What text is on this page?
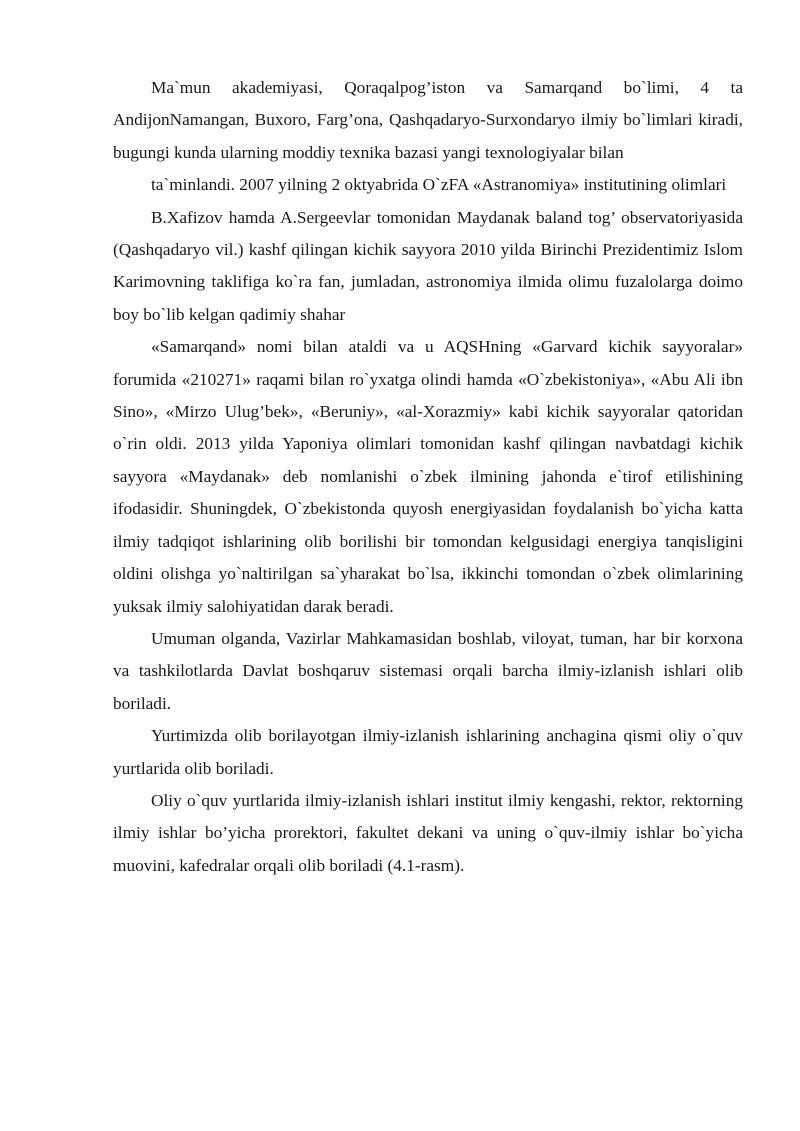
Ma`mun akademiyasi, Qoraqalpog’iston va Samarqand bo`limi, 4 ta AndijonNamangan, Buxoro, Farg’ona, Qashqadaryo-Surxondaryo ilmiy bo`limlari kiradi, bugungi kunda ularning moddiy texnika bazasi yangi texnologiyalar bilan

ta`minlandi. 2007 yilning 2 oktyabrida O`zFA «Astranomiya» institutining olimlari

B.Xafizov hamda A.Sergeevlar tomonidan Maydanak baland tog’ observatoriyasida (Qashqadaryo vil.) kashf qilingan kichik sayyora 2010 yilda Birinchi Prezidentimiz Islom Karimovning taklifiga ko`ra fan, jumladan, astronomiya ilmida olimu fuzalolarga doimo boy bo`lib kelgan qadimiy shahar

«Samarqand» nomi bilan ataldi va u AQSHning «Garvard kichik sayyoralar» forumida «210271» raqami bilan ro`yxatga olindi hamda «O`zbekistoniya», «Abu Ali ibn Sino», «Mirzo Ulug’bek», «Beruniy», «al-Xorazmiy» kabi kichik sayyoralar qatoridan o`rin oldi. 2013 yilda Yaponiya olimlari tomonidan kashf qilingan navbatdagi kichik sayyora «Maydanak» deb nomlanishi o`zbek ilmining jahonda e`tirof etilishining ifodasidir. Shuningdek, O`zbekistonda quyosh energiyasidan foydalanish bo`yicha katta ilmiy tadqiqot ishlarining olib borilishi bir tomondan kelgusidagi energiya tanqisligini oldini olishga yo`naltirilgan sa`yharakat bo`lsa, ikkinchi tomondan o`zbek olimlarining yuksak ilmiy salohiyatidan darak beradi.

Umuman olganda, Vazirlar Mahkamasidan boshlab, viloyat, tuman, har bir korxona va tashkilotlarda Davlat boshqaruv sistemasi orqali barcha ilmiy-izlanish ishlari olib boriladi.

Yurtimizda olib borilayotgan ilmiy-izlanish ishlarining anchagina qismi oliy o`quv yurtlarida olib boriladi.

Oliy o`quv yurtlarida ilmiy-izlanish ishlari institut ilmiy kengashi, rektor, rektorning ilmiy ishlar bo’yicha prorektori, fakultet dekani va uning o`quv-ilmiy ishlar bo`yicha muovini, kafedralar orqali olib boriladi (4.1-rasm).
